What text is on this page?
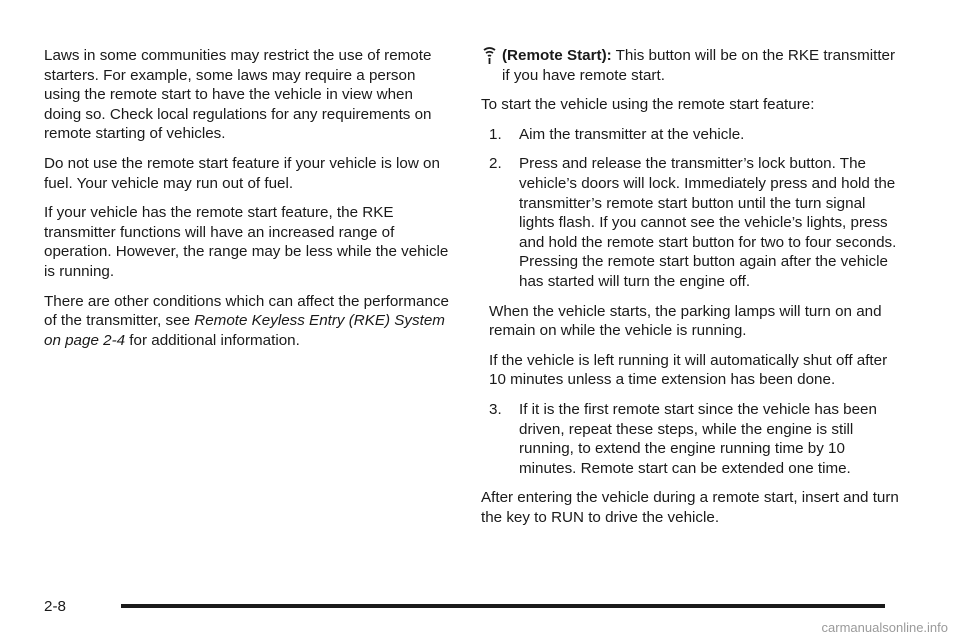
Laws in some communities may restrict the use of remote starters. For example, some laws may require a person using the remote start to have the vehicle in view when doing so. Check local regulations for any requirements on remote starting of vehicles.

Do not use the remote start feature if your vehicle is low on fuel. Your vehicle may run out of fuel.

If your vehicle has the remote start feature, the RKE transmitter functions will have an increased range of operation. However, the range may be less while the vehicle is running.

There are other conditions which can affect the performance of the transmitter, see Remote Keyless Entry (RKE) System on page 2-4 for additional information.

(Remote Start): This button will be on the RKE transmitter if you have remote start.

To start the vehicle using the remote start feature:

1.	Aim the transmitter at the vehicle.
2.	Press and release the transmitter’s lock button. The vehicle’s doors will lock. Immediately press and hold the transmitter’s remote start button until the turn signal lights flash. If you cannot see the vehicle’s lights, press and hold the remote start button for two to four seconds. Pressing the remote start button again after the vehicle has started will turn the engine off.

When the vehicle starts, the parking lamps will turn on and remain on while the vehicle is running.

If the vehicle is left running it will automatically shut off after 10 minutes unless a time extension has been done.

3.	If it is the first remote start since the vehicle has been driven, repeat these steps, while the engine is still running, to extend the engine running time by 10 minutes. Remote start can be extended one time.

After entering the vehicle during a remote start, insert and turn the key to RUN to drive the vehicle.

2-8
carmanualsonline.info
